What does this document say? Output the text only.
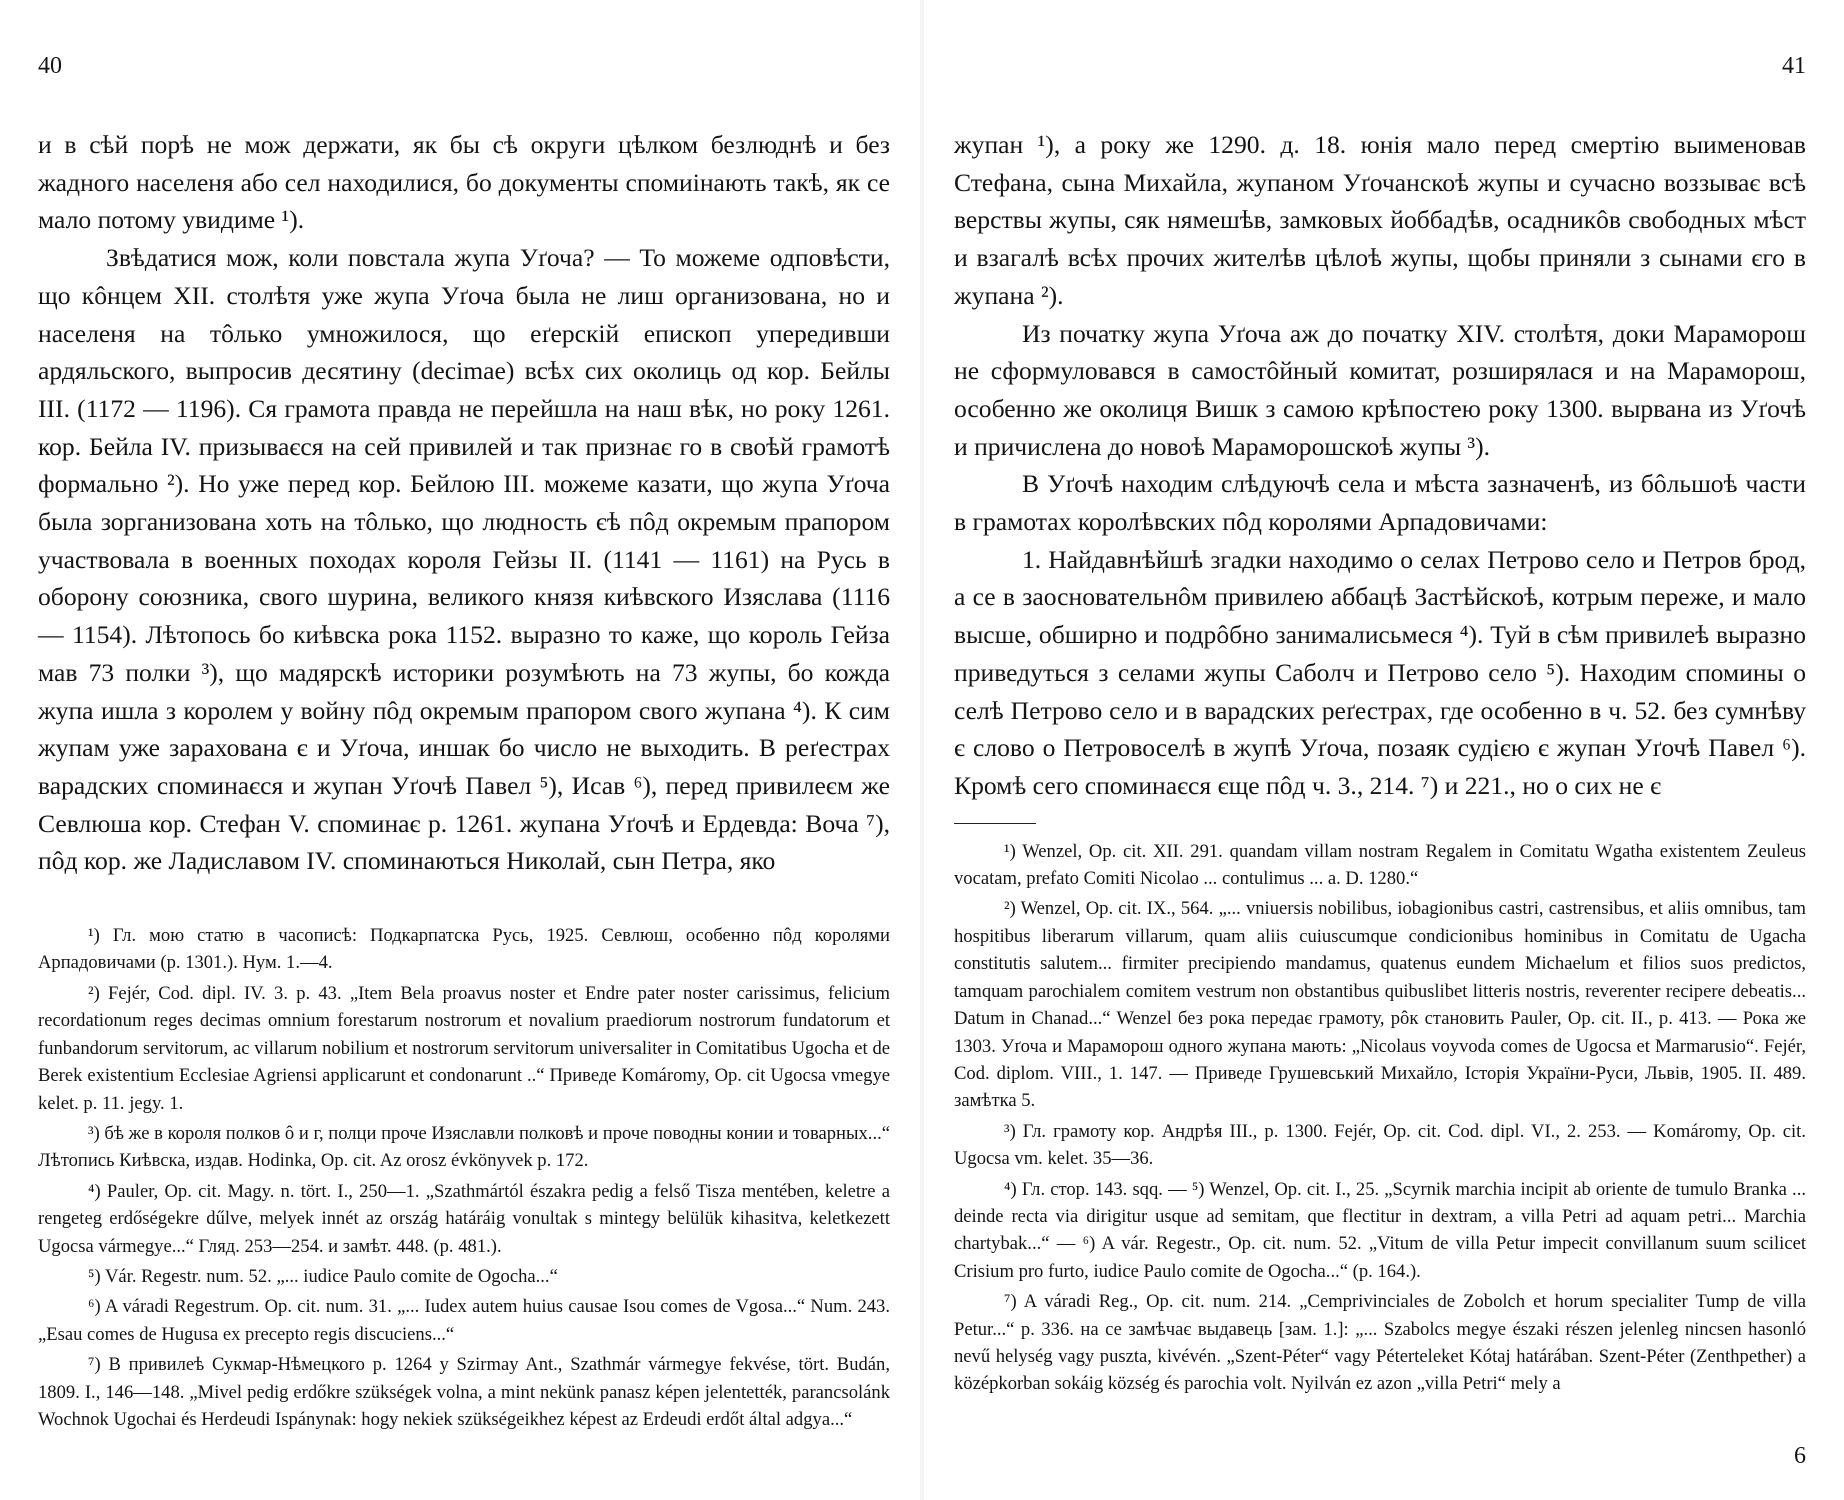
40

и в сѣй порѣ не мож держати, як бы сѣ округи цѣлком безлюднѣ и без жадного населеня або сел находилися, бо документы спомиінають такѣ, як се мало потому увидиме ¹).

Звѣдатися мож, коли повстала жупа Уґоча? — То можеме одповѣсти, що кôнцем XII. столѣтя уже жупа Уґоча была не лиш организована, но и населеня на тôлько умножилося, що еґерскій епископ упередивши ардяльского, выпросив десятину (decimae) всѣх сих околиць од кор. Бейлы III. (1172 — 1196). Ся грамота правда не перейшла на наш вѣк, но року 1261. кор. Бейла IV. призываєся на сей привилей и так признає го в своѣй грамотѣ формально ²). Но уже перед кор. Бейлою III. можеме казати, що жупа Уґоча была зорганизована хоть на тôлько, що людность єѣ пôд окремым прапором участвовала в военных походах короля Гейзы II. (1141 — 1161) на Русь в оборону союзника, свого шурина, великого князя киѣвского Изяслава (1116 — 1154). Лѣтопось бо киѣвска рока 1152. выразно то каже, що король Гейза мав 73 полки ³), що мадярскѣ историки розумѣють на 73 жупы, бо кожда жупа ишла з королем у войну пôд окремым прапором свого жупана ⁴). К сим жупам уже зарахована є и Уґоча, иншак бо число не выходить. В реґестрах варадских споминаєся и жупан Уґочѣ Павел ⁵), Исав ⁶), перед привилеєм же Севлюша кор. Стефан V. споминає р. 1261. жупана Уґочѣ и Ердевда: Воча ⁷), пôд кор. же Ладиславом IV. споминаються Николай, сын Петра, яко

¹) Гл. мою статю в часописѣ: Подкарпатска Русь, 1925. Севлюш, особенно пôд королями Арпадовичами (р. 1301.). Нум. 1.—4.

²) Fejér, Cod. dipl. IV. 3. p. 43. „Item Bela proavus noster et Endre pater noster carissimus, felicium recordationum reges decimas omnium forestarum nostrorum et novalium praediorum nostrorum fundatorum et funbandorum servitorum, ac villarum nobilium et nostrorum servitorum universaliter in Comitatibus Ugocha et de Berek existentium Ecclesiae Agriensi applicarunt et condonarunt ..“ Приведе Komáromy, Op. cit Ugocsa vmegye kelet. p. 11. jegy. 1.

³) бѣ же в короля полков ô и г, полци проче Изяславли полковѣ и проче поводны конии и товарных...“ Лѣтопись Киѣвска, издав. Hodinka, Op. cit. Az orosz évkönyvek p. 172.

⁴) Pauler, Op. cit. Magy. n. tört. I., 250—1. „Szathmártól északra pedig a felső Tisza mentében, keletre a rengeteg erdőségekre dűlve, melyek innét az ország határáig vonultak s mintegy belülük kihasitva, keletkezett Ugocsa vármegye...“ Гляд. 253—254. и замѣт. 448. (p. 481.).

⁵) Vár. Regestr. num. 52. „... iudice Paulo comite de Ogocha...“

⁶) A váradi Regestrum. Op. cit. num. 31. „... Iudex autem huius causae Isou comes de Vgosa...“ Num. 243. „Esau comes de Hugusa ex precepto regis discuciens...“

⁷) В привилеѣ Сукмар-Нѣмецкого р. 1264 у Szirmay Ant., Szathmár vármegye fekvése, tört. Budán, 1809. I., 146—148. „Mivel pedig erdőkre szükségek volna, a mint nekünk panasz képen jelentették, parancsolánk Wochnok Ugochai és Herdeudi Ispánynak: hogy nekiek szükségeikhez képest az Erdeudi erdőt által adgya...“

41

жупан ¹), а року же 1290. д. 18. юнія мало перед смертію выименовав Стефана, сына Михайла, жупаном Уґочанскоѣ жупы и сучасно воззыває всѣ верствы жупы, сяк нямешѣв, замковых йоббадѣв, осадникôв свободных мѣст и взагалѣ всѣх прочих жителѣв цѣлоѣ жупы, щобы приняли з сынами єго в жупана ²).

Из початку жупа Уґоча аж до початку XIV. столѣтя, доки Мараморош не сформуловався в самостôйный комитат, розширялася и на Мараморош, особенно же околиця Вишк з самою крѣпостею року 1300. вырвана из Уґочѣ и причислена до новоѣ Мараморошскоѣ жупы ³).

В Уґочѣ находим слѣдуючѣ села и мѣста зазначенѣ, из бôльшоѣ части в грамотах королѣвских пôд королями Арпадовичами:

1. Найдавнѣйшѣ згадки находимо о селах Петрово село и Петров брод, а се в заосновательнôм привилею аббацѣ Застѣйскоѣ, котрым переже, и мало высше, обширно и подрôбно занималисьмеся ⁴). Туй в сѣм привилеѣ выразно приведуться з селами жупы Саболч и Петрово село ⁵). Находим спомины о селѣ Петрово село и в варадских реґестрах, где особенно в ч. 52. без сумнѣву є слово о Петровоселѣ в жупѣ Уґоча, позаяк судією є жупан Уґочѣ Павел ⁶). Кромѣ сего споминаєся єще пôд ч. 3., 214. ⁷) и 221., но о сих не є

¹) Wenzel, Op. cit. XII. 291. quandam villam nostram Regalem in Comitatu Wgatha existentem Zeuleus vocatam, prefato Comiti Nicolao ... contulimus ... a. D. 1280.“

²) Wenzel, Op. cit. IX., 564. „... vniuersis nobilibus, iobagionibus castri, castrensibus, et aliis omnibus, tam hospitibus liberarum villarum, quam aliis cuiuscumque condicionibus hominibus in Comitatu de Ugacha constitutis salutem... firmiter precipiendo mandamus, quatenus eundem Michaelum et filios suos predictos, tamquam parochialem comitem vestrum non obstantibus quibuslibet litteris nostris, reverenter recipere debeatis... Datum in Chanad...“ Wenzel без рока передає грамоту, рôк становить Pauler, Op. cit. II., p. 413. — Рока же 1303. Уґоча и Мараморош одного жупана мають: „Nicolaus voyvoda comes de Ugocsa et Marmarusio“. Fejér, Cod. diplom. VIII., 1. 147. — Приведе Грушевський Михайло, Історія України-Руси, Львів, 1905. II. 489. замѣтка 5.

³) Гл. грамоту кор. Андрѣя III., р. 1300. Fejér, Op. cit. Cod. dipl. VI., 2. 253. — Komáromy, Op. cit. Ugocsa vm. kelet. 35—36.

⁴) Гл. стор. 143. sqq. — ⁵) Wenzel, Op. cit. I., 25. „Scyrnik marchia incipit ab oriente de tumulo Branka ... deinde recta via dirigitur usque ad semitam, que flectitur in dextram, a villa Petri ad aquam petri... Marchia chartybak...“ — ⁶) A vár. Regestr., Op. cit. num. 52. „Vitum de villa Petur impecit convillanum suum scilicet Crisium pro furto, iudice Paulo comite de Ogocha...“ (p. 164.).

⁷) A váradi Reg., Op. cit. num. 214. „Cemprivinciales de Zobolch et horum specialiter Tump de villa Petur...“ p. 336. на се замѣчає выдавець [зам. 1.]: „... Szabolcs megye északi részen jelenleg nincsen hasonló nevű helység vagy puszta, kivévén. „Szent-Péter“ vagy Pétertelеket Kótaj határában. Szent-Péter (Zenthpether) a középkorban sokáig község és parochia volt. Nyilván ez azon „villa Petri“ mely a

6
